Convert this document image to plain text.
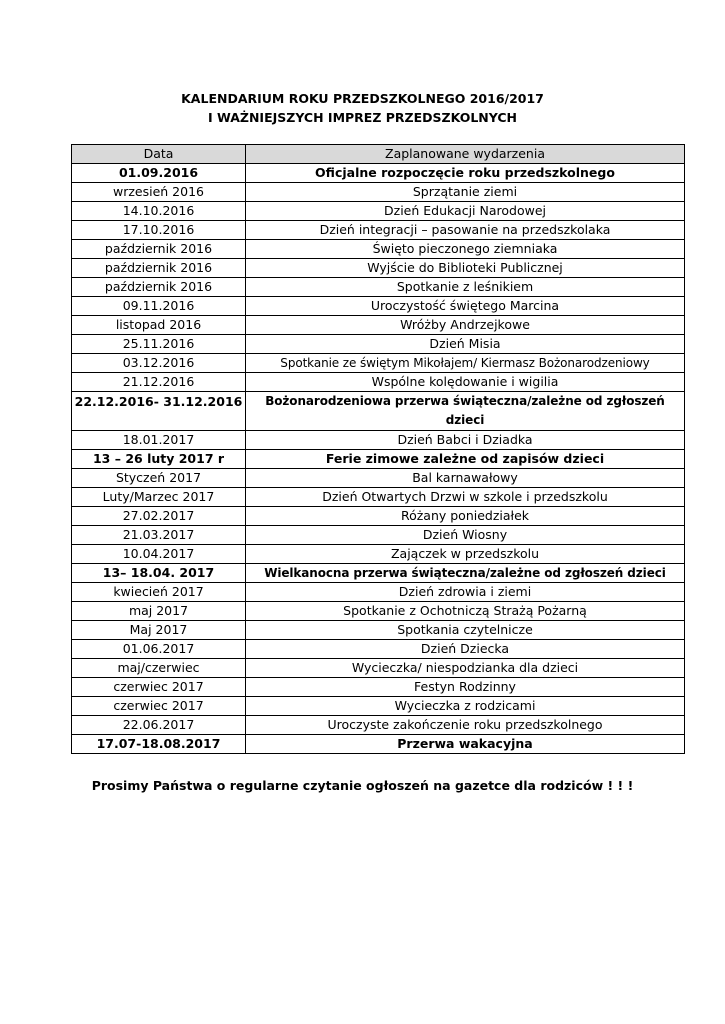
KALENDARIUM ROKU PRZEDSZKOLNEGO 2016/2017
I WAŻNIEJSZYCH IMPREZ PRZEDSZKOLNYCH
Data	Zaplanowane wydarzenia
01.09.2016	Oficjalne rozpoczęcie roku przedszkolnego
wrzesień 2016	Sprzątanie ziemi
14.10.2016	Dzień Edukacji Narodowej
17.10.2016	Dzień integracji – pasowanie na przedszkolaka
październik 2016	Święto pieczonego ziemniaka
październik 2016	Wyjście do Biblioteki Publicznej
październik 2016	Spotkanie z leśnikiem
09.11.2016	Uroczystość świętego Marcina
listopad 2016	Wróżby Andrzejkowe
25.11.2016	Dzień Misia
03.12.2016	Spotkanie ze świętym Mikołajem/ Kiermasz Bożonarodzeniowy
21.12.2016	Wspólne kolędowanie i wigilia
22.12.2016- 31.12.2016	Bożonarodzeniowa przerwa świąteczna/zależne od zgłoszeń dzieci
18.01.2017	Dzień Babci i Dziadka
13 – 26 luty 2017 r	Ferie zimowe zależne od zapisów dzieci
Styczeń 2017	Bal karnawałowy
Luty/Marzec 2017	Dzień Otwartych Drzwi w szkole i przedszkolu
27.02.2017	Różany poniedziałek
21.03.2017	Dzień Wiosny
10.04.2017	Zajączek w przedszkolu
13– 18.04. 2017	Wielkanocna przerwa świąteczna/zależne od zgłoszeń dzieci
kwiecień 2017	Dzień zdrowia i ziemi
maj 2017	Spotkanie z Ochotniczą Strażą Pożarną
Maj 2017	Spotkania czytelnicze
01.06.2017	Dzień Dziecka
maj/czerwiec	Wycieczka/ niespodzianka dla dzieci
czerwiec 2017	Festyn Rodzinny
czerwiec 2017	Wycieczka z rodzicami
22.06.2017	Uroczyste zakończenie roku przedszkolnego
17.07-18.08.2017	Przerwa wakacyjna
Prosimy Państwa o regularne czytanie ogłoszeń na gazetce dla rodziców ! ! !
